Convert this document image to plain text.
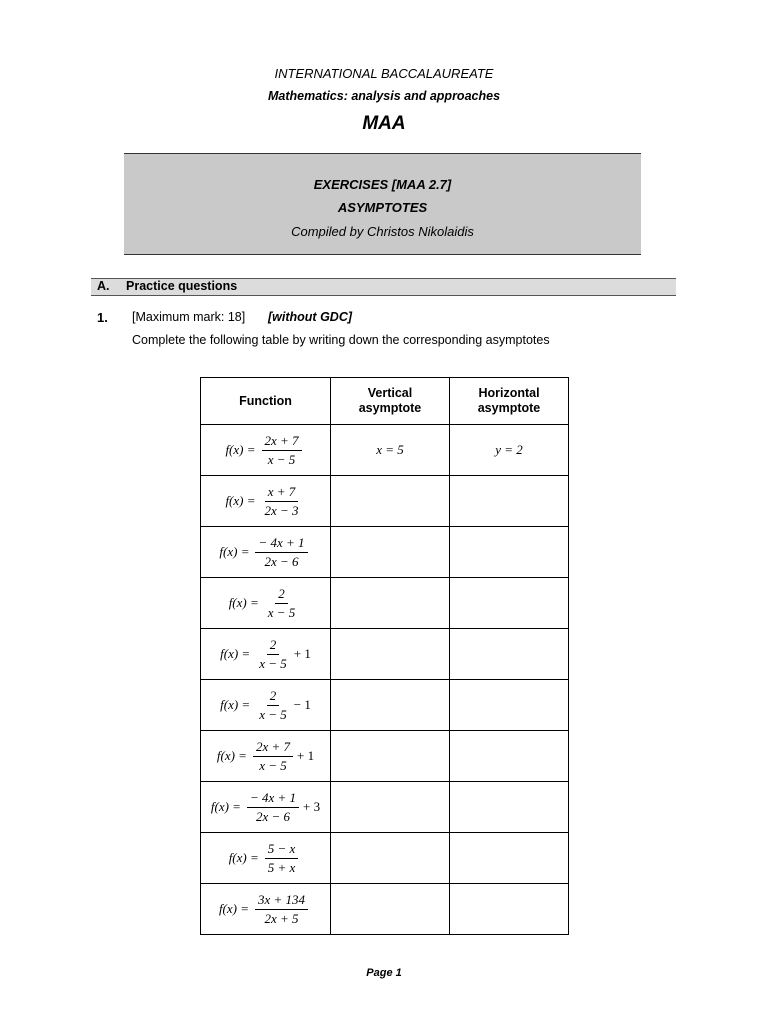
INTERNATIONAL BACCALAUREATE
Mathematics: analysis and approaches
MAA
EXERCISES [MAA 2.7]
ASYMPTOTES
Compiled by Christos Nikolaidis
A. Practice questions
1. [Maximum mark: 18] [without GDC]
Complete the following table by writing down the corresponding asymptotes
Function	Vertical asymptote	Horizontal asymptote

$f(x) = \frac{2x + 7}{x - 5}$	x = 5	y = 2

$f(x) = \frac{x + 7}{2x - 3}$

$f(x) = \frac{- 4x + 1}{2x - 6}$

$f(x) = \frac{2}{x - 5}$

$f(x) = \frac{2}{x - 5} + 1$		

$f(x) = \frac{2}{x - 5} - 1$		

$f(x) = \frac{2x + 7}{x - 5} + 1$		

$f(x) = \frac{- 4x + 1}{2x - 6} + 3$		

$f(x) = \frac{5 - x}{5 + x}$

$f(x) = \frac{3x + 134}{2x + 5}$

Page 1
